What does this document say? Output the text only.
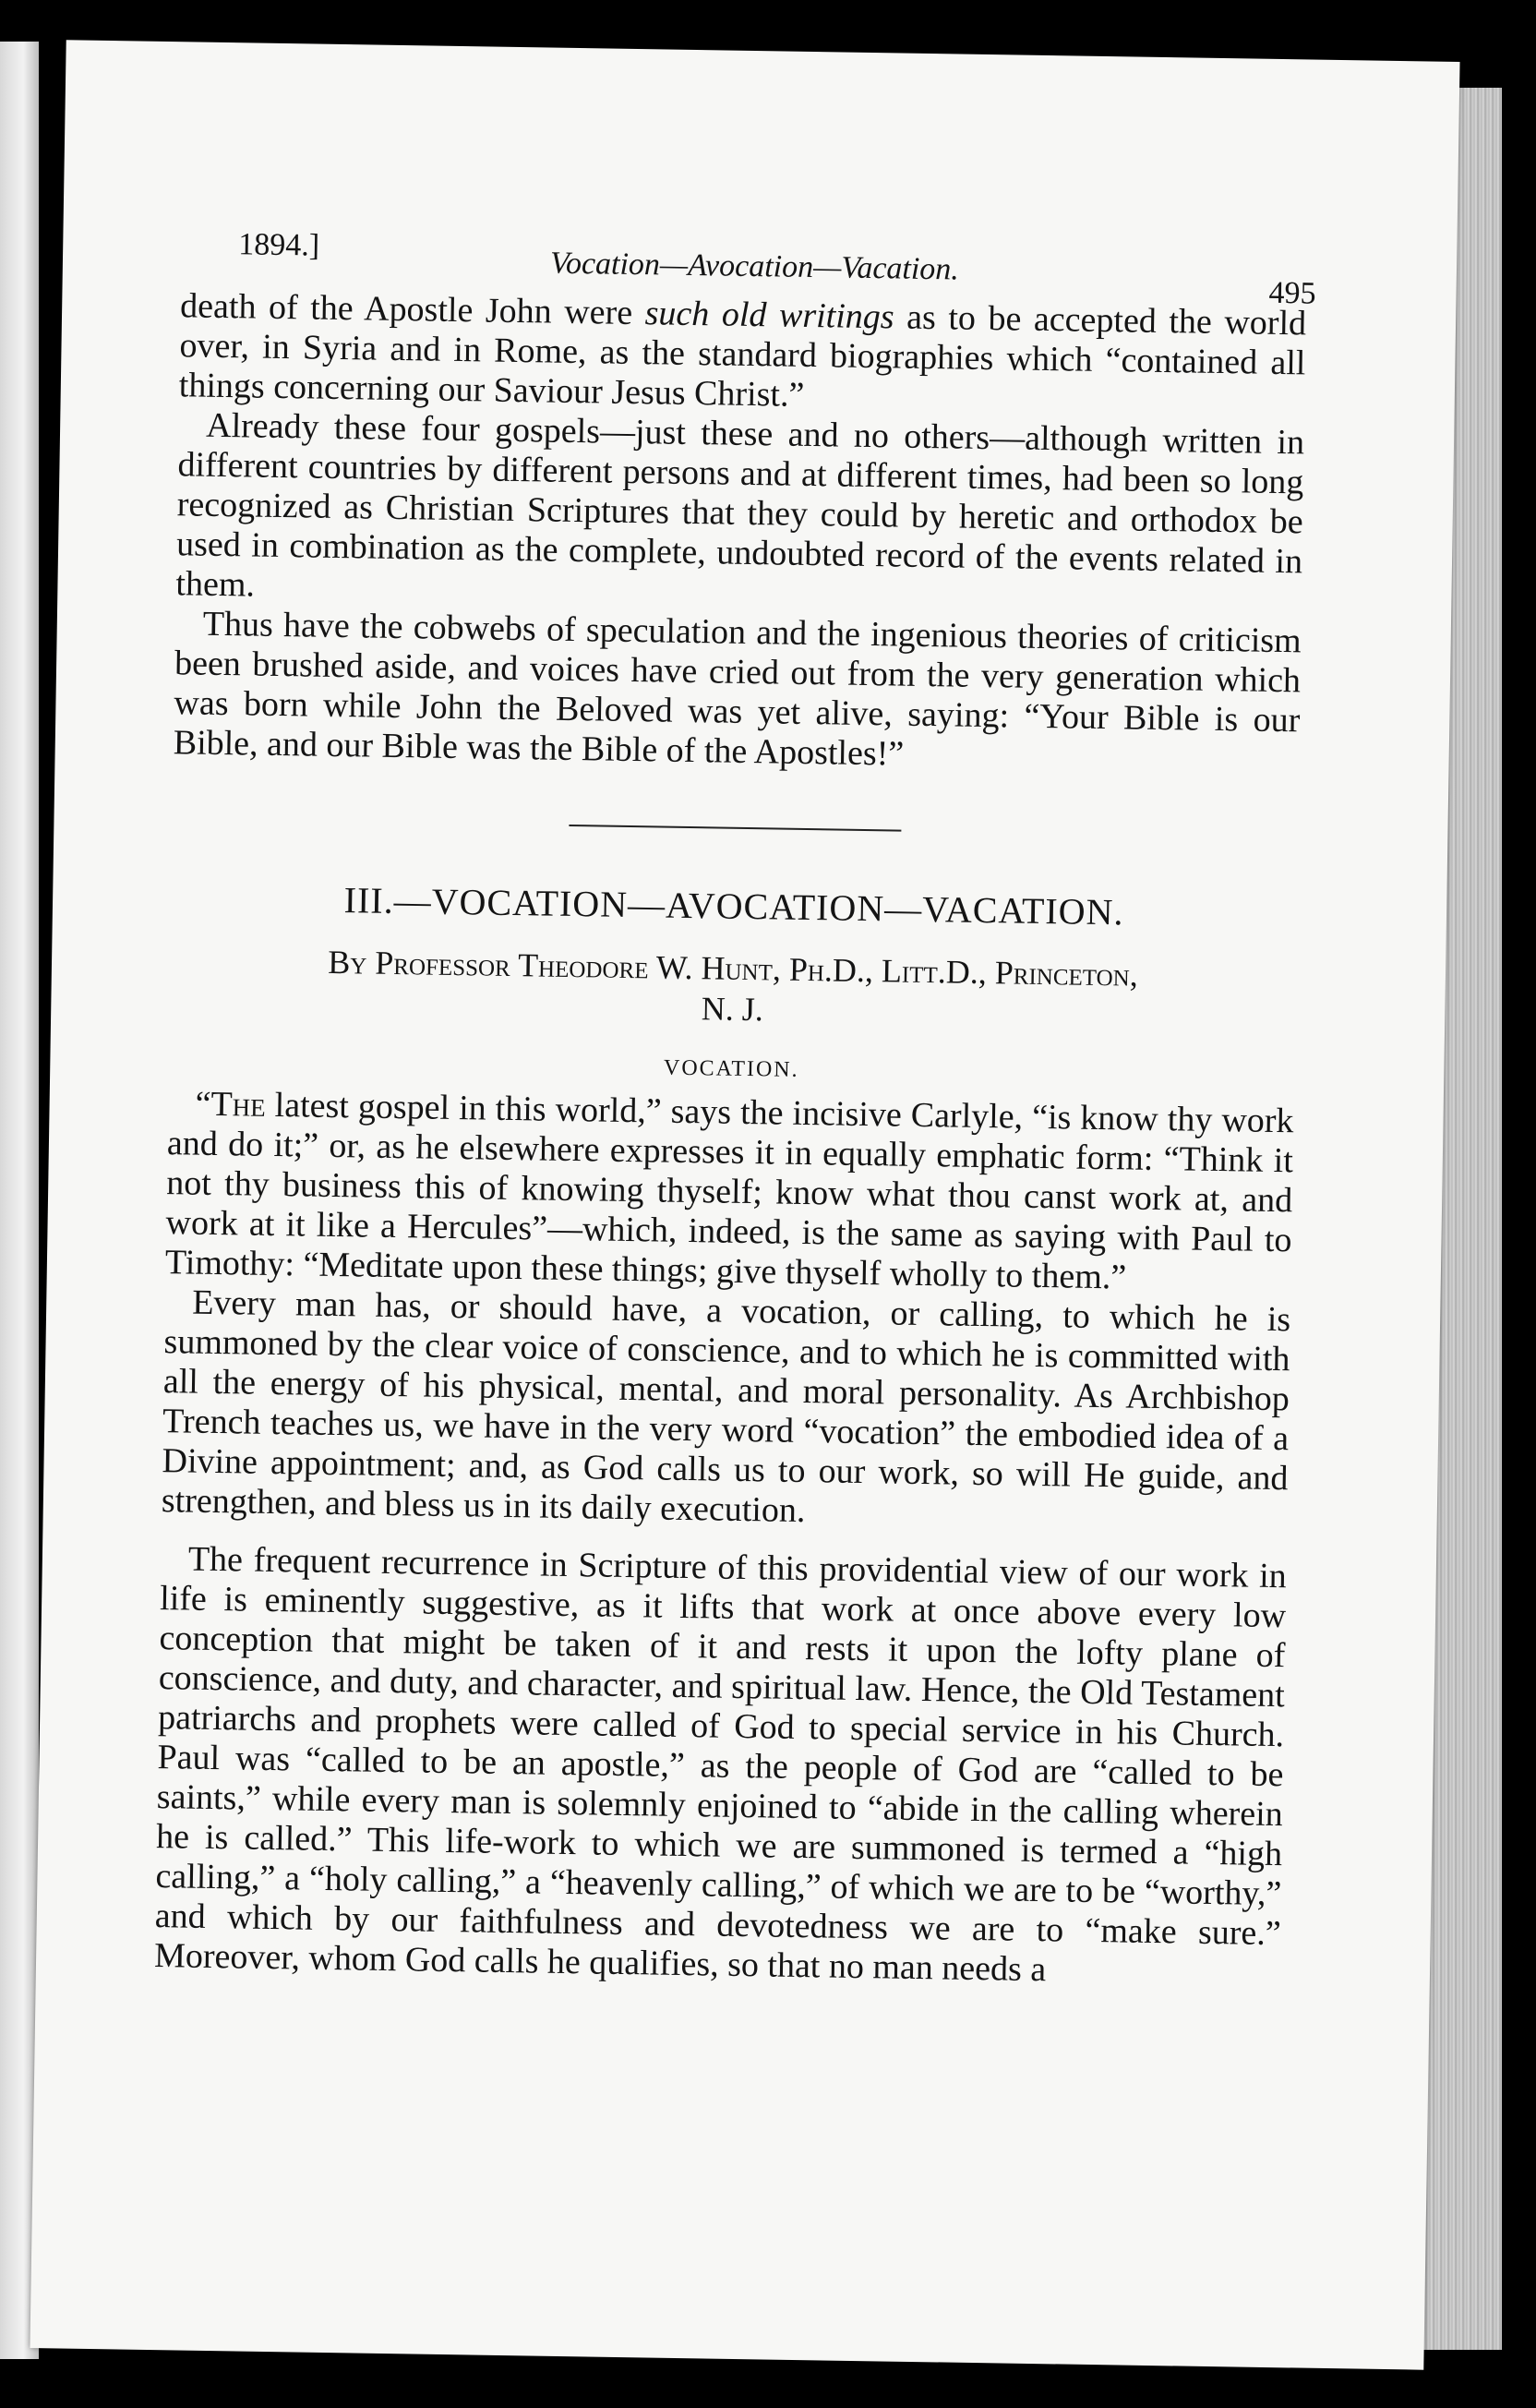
1894.]
Vocation—Avocation—Vacation.
495

death of the Apostle John were such old writings as to be accepted the world over, in Syria and in Rome, as the standard biographies which “contained all things concerning our Saviour Jesus Christ.”

Already these four gospels—just these and no others—although written in different countries by different persons and at different times, had been so long recognized as Christian Scriptures that they could by heretic and orthodox be used in combination as the complete, undoubted record of the events related in them.

Thus have the cobwebs of speculation and the ingenious theories of criticism been brushed aside, and voices have cried out from the very generation which was born while John the Beloved was yet alive, saying: “Your Bible is our Bible, and our Bible was the Bible of the Apostles!”

III.—VOCATION—AVOCATION—VACATION.
By Professor Theodore W. Hunt, Ph.D., Litt.D., Princeton,
N. J.
VOCATION.

“The latest gospel in this world,” says the incisive Carlyle, “is know thy work and do it;” or, as he elsewhere expresses it in equally emphatic form: “Think it not thy business this of knowing thyself; know what thou canst work at, and work at it like a Hercules”—which, indeed, is the same as saying with Paul to Timothy: “Meditate upon these things; give thyself wholly to them.”

Every man has, or should have, a vocation, or calling, to which he is summoned by the clear voice of conscience, and to which he is committed with all the energy of his physical, mental, and moral personality. As Archbishop Trench teaches us, we have in the very word “vocation” the embodied idea of a Divine appointment; and, as God calls us to our work, so will He guide, and strengthen, and bless us in its daily execution.

The frequent recurrence in Scripture of this providential view of our work in life is eminently suggestive, as it lifts that work at once above every low conception that might be taken of it and rests it upon the lofty plane of conscience, and duty, and character, and spiritual law. Hence, the Old Testament patriarchs and prophets were called of God to special service in his Church. Paul was “called to be an apostle,” as the people of God are “called to be saints,” while every man is solemnly enjoined to “abide in the calling wherein he is called.” This life-work to which we are summoned is termed a “high calling,” a “holy calling,” a “heavenly calling,” of which we are to be “worthy,” and which by our faithfulness and devotedness we are to “make sure.” Moreover, whom God calls he qualifies, so that no man needs a
